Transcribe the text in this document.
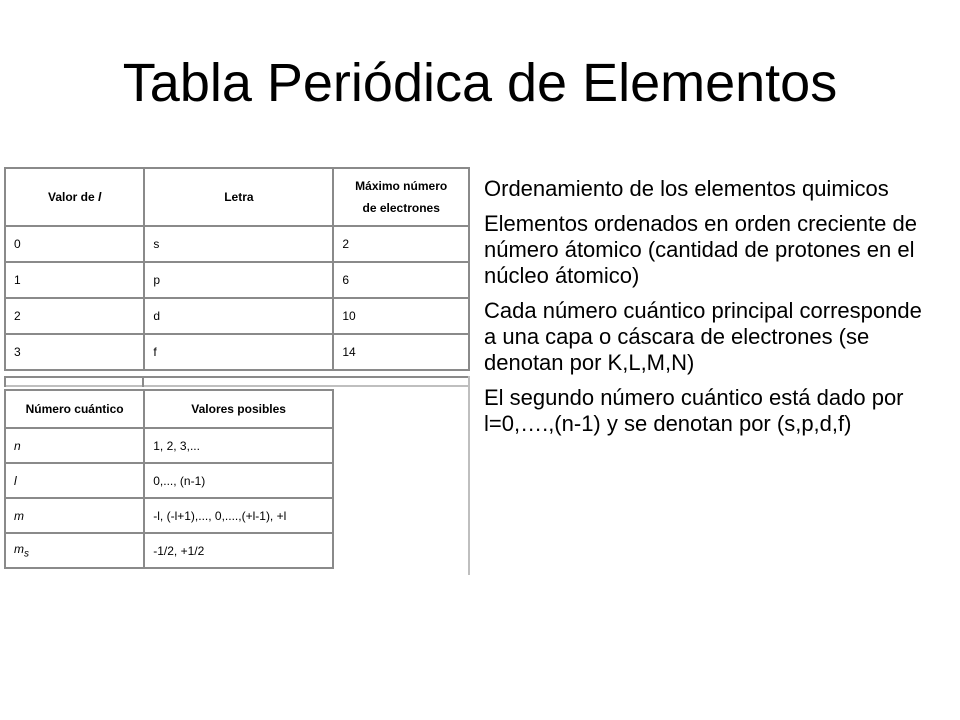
Tabla Periódica de Elementos
Valor de l	Letra	Máximo número
de electrones
0	s	2
1	p	6
2	d	10
3	f	14
Número cuántico	Valores posibles
n	1, 2, 3,...
l	0,..., (n-1)
m	-l, (-l+1),..., 0,....,(+l-1), +l
$m_s$	-1/2, +1/2

Ordenamiento de los elementos quimicos

Elementos ordenados en orden creciente de número átomico (cantidad de protones en el núcleo átomico)

Cada número cuántico principal corresponde a una capa o cáscara de electrones (se denotan por K,L,M,N)

El segundo número cuántico está dado por l=0,….,(n-1) y se denotan por (s,p,d,f)
